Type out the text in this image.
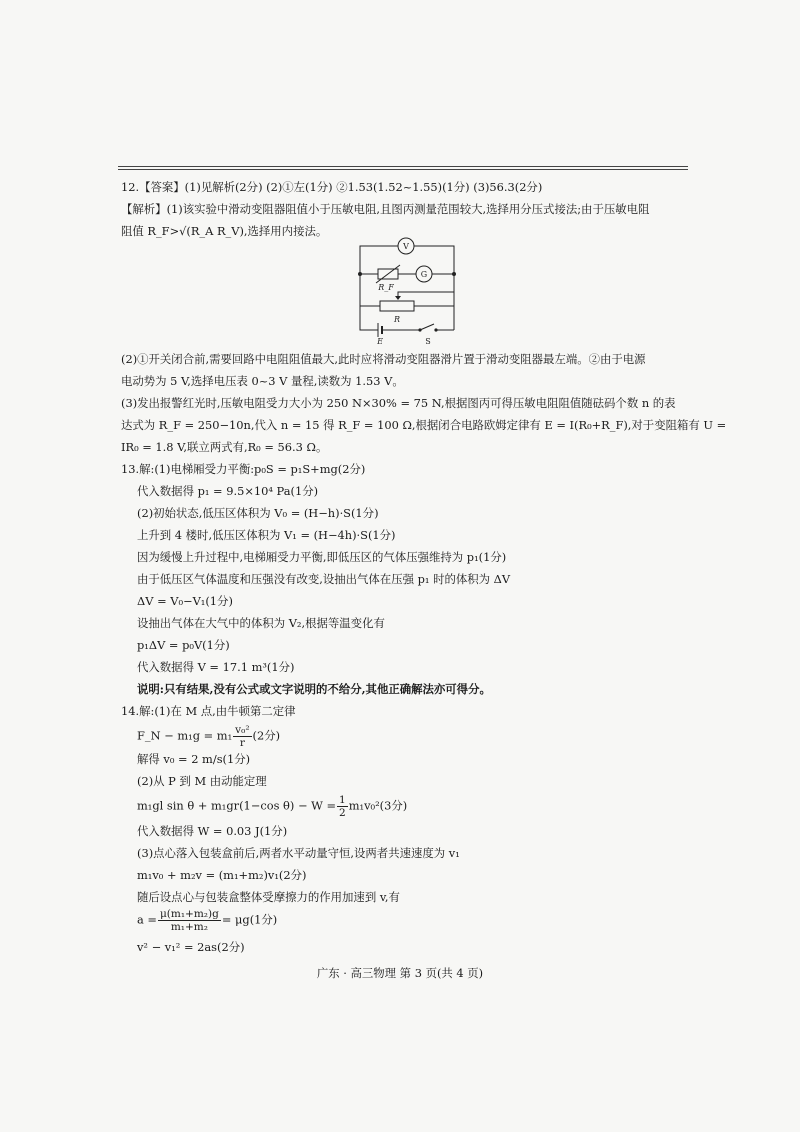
12.【答案】(1)见解析(2分) (2)①左(1分) ②1.53(1.52~1.55)(1分) (3)56.3(2分)
【解析】(1)该实验中滑动变阻器阻值小于压敏电阻,且图丙测量范围较大,选择用分压式接法;由于压敏电阻
阻值 R_F>√(R_A R_V),选择用内接法。
V
G
R_F
R
E	S
(2)①开关闭合前,需要回路中电阻阻值最大,此时应将滑动变阻器滑片置于滑动变阻器最左端。②由于电源
电动势为 5 V,选择电压表 0~3 V 量程,读数为 1.53 V。
(3)发出报警红光时,压敏电阻受力大小为 250 N×30% = 75 N,根据图丙可得压敏电阻阻值随砝码个数 n 的表
达式为 R_F = 250−10n,代入 n = 15 得 R_F = 100 Ω,根据闭合电路欧姆定律有 E = I(R₀+R_F),对于变阻箱有 U =
IR₀ = 1.8 V,联立两式有,R₀ = 56.3 Ω。
13.解:(1)电梯厢受力平衡:p₀S = p₁S+mg(2分)
代入数据得 p₁ = 9.5×10⁴ Pa(1分)
(2)初始状态,低压区体积为 V₀ = (H−h)·S(1分)
上升到 4 楼时,低压区体积为 V₁ = (H−4h)·S(1分)
因为缓慢上升过程中,电梯厢受力平衡,即低压区的气体压强维持为 p₁(1分)
由于低压区气体温度和压强没有改变,设抽出气体在压强 p₁ 时的体积为 ΔV
ΔV = V₀−V₁(1分)
设抽出气体在大气中的体积为 V₂,根据等温变化有
p₁ΔV = p₀V(1分)
代入数据得 V = 17.1 m³(1分)
说明:只有结果,没有公式或文字说明的不给分,其他正确解法亦可得分。
14.解:(1)在 M 点,由牛顿第二定律
F_N − $m_1g = m_1 \frac{\text{v₀²}}{r} (2$分)
解得 v₀ = 2 m/s(1分)
(2)从 P 到 M 由动能定理
m₁gl sin θ + m₁gr(1−cos $\theta) - W = \frac{1}{2} m_1v_0^2(3$分)
代入数据得 W = 0.03 J(1分)
(3)点心落入包装盒前后,两者水平动量守恒,设两者共速速度为 v₁
m₁v₀ + m₂v = (m₁+m₂)v₁(2分)
随后设点心与包装盒整体受摩擦力的作用加速到 v,有
$a = \frac{\text{μ(m₁+m₂)g}}{\text{m₁+m₂}} = \mu g(1$分)
v² − v₁² = 2as(2分)
广东 · 高三物理 第 3 页(共 4 页)
